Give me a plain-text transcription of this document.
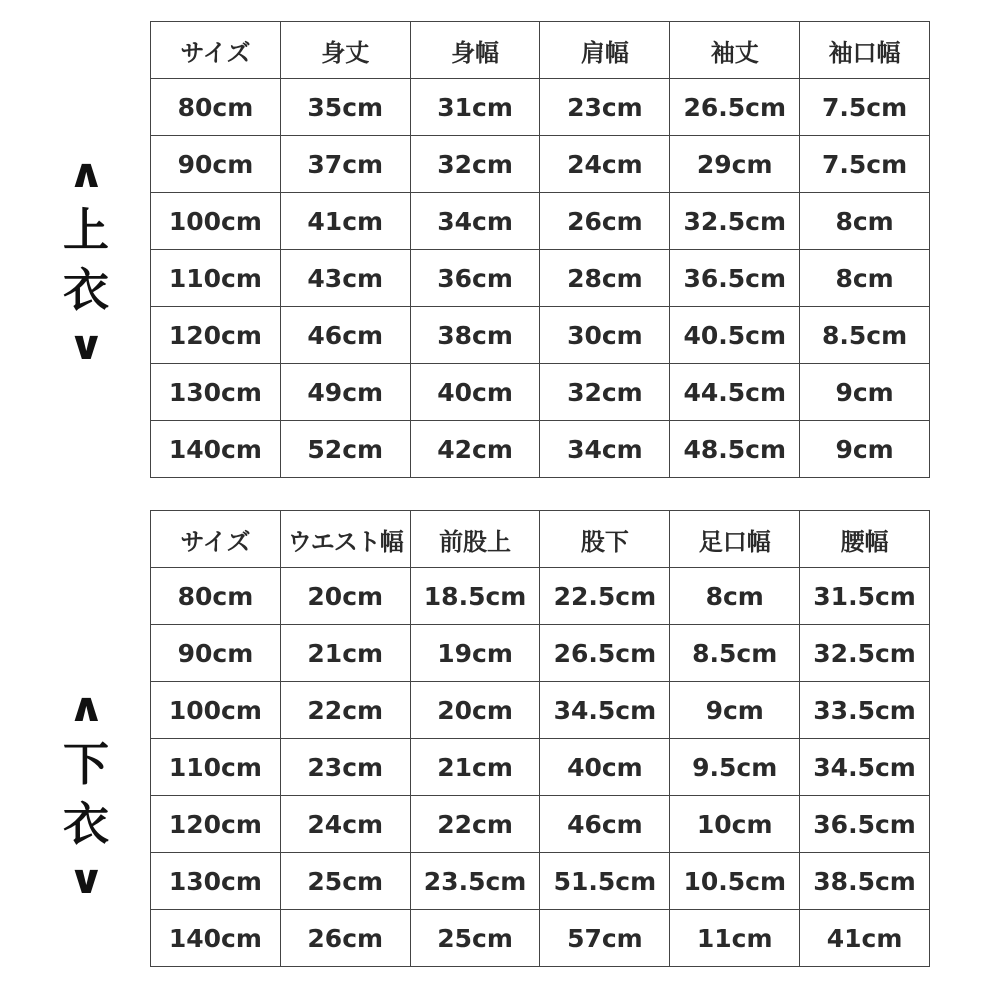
∧
上
衣
∨
サイズ	身丈	身幅	肩幅	袖丈	袖口幅
80cm	35cm	31cm	23cm	26.5cm	7.5cm
90cm	37cm	32cm	24cm	29cm	7.5cm
100cm	41cm	34cm	26cm	32.5cm	8cm
110cm	43cm	36cm	28cm	36.5cm	8cm
120cm	46cm	38cm	30cm	40.5cm	8.5cm
130cm	49cm	40cm	32cm	44.5cm	9cm
140cm	52cm	42cm	34cm	48.5cm	9cm
∧
下
衣
∨
サイズ	ウエスト幅	前股上	股下	足口幅	腰幅
80cm	20cm	18.5cm	22.5cm	8cm	31.5cm
90cm	21cm	19cm	26.5cm	8.5cm	32.5cm
100cm	22cm	20cm	34.5cm	9cm	33.5cm
110cm	23cm	21cm	40cm	9.5cm	34.5cm
120cm	24cm	22cm	46cm	10cm	36.5cm
130cm	25cm	23.5cm	51.5cm	10.5cm	38.5cm
140cm	26cm	25cm	57cm	11cm	41cm
